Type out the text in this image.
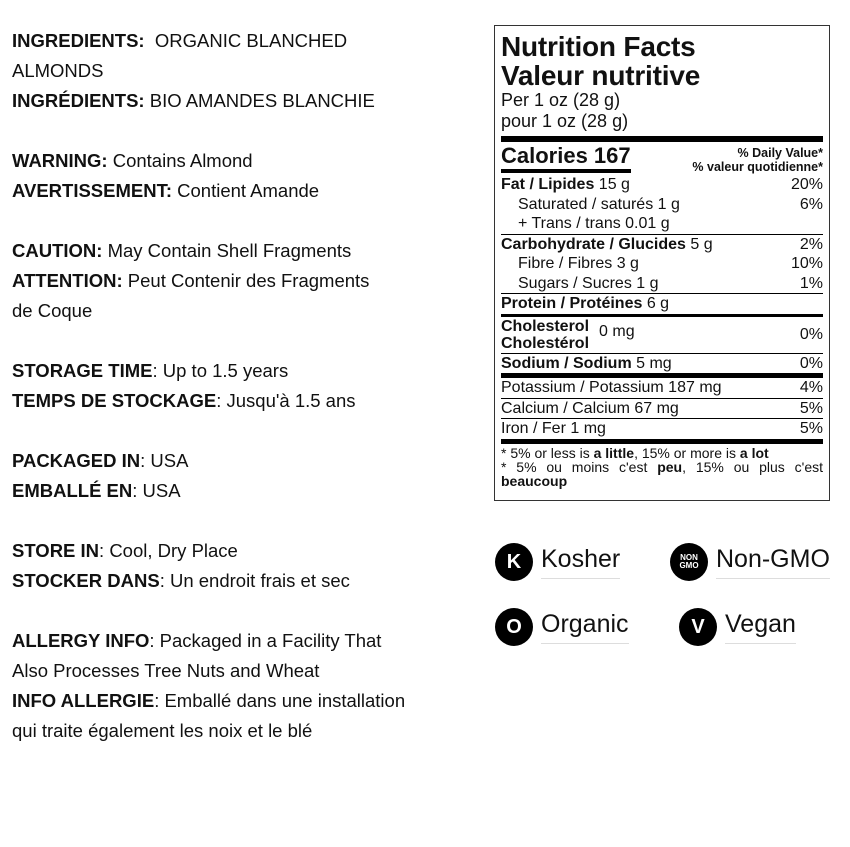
INGREDIENTS:  ORGANIC BLANCHED
ALMONDS
INGRÉDIENTS: BIO AMANDES BLANCHIE
WARNING: Contains Almond
AVERTISSEMENT: Contient Amande
CAUTION: May Contain Shell Fragments
ATTENTION: Peut Contenir des Fragments
de Coque
STORAGE TIME: Up to 1.5 years
TEMPS DE STOCKAGE: Jusqu'à 1.5 ans
PACKAGED IN: USA
EMBALLÉ EN: USA
STORE IN: Cool, Dry Place
STOCKER DANS: Un endroit frais et sec
ALLERGY INFO: Packaged in a Facility That
Also Processes Tree Nuts and Wheat
INFO ALLERGIE: Emballé dans une installation
qui traite également les noix et le blé
Nutrition Facts
Valeur nutritive
Per 1 oz (28 g)
pour 1 oz (28 g)
Calories 167	% Daily Value*
% valeur quotidienne*
Fat / Lipides 15 g	20%
Saturated / saturés 1 g	6%
+ Trans / trans 0.01 g
Carbohydrate / Glucides 5 g	2%
Fibre / Fibres 3 g	10%
Sugars / Sucres 1 g	1%
Protein / Protéines 6 g
Cholesterol
Cholestérol
0 mg	0%
Sodium / Sodium 5 mg	0%
Potassium / Potassium 187 mg	4%
Calcium / Calcium 67 mg	5%
Iron / Fer 1 mg	5%
* 5% or less is a little, 15% or more is a lot
* 5% ou moins c'est peu, 15% ou plus c'est beaucoup
K Kosher	NON GMO Non-GMO
O Organic	V Vegan
